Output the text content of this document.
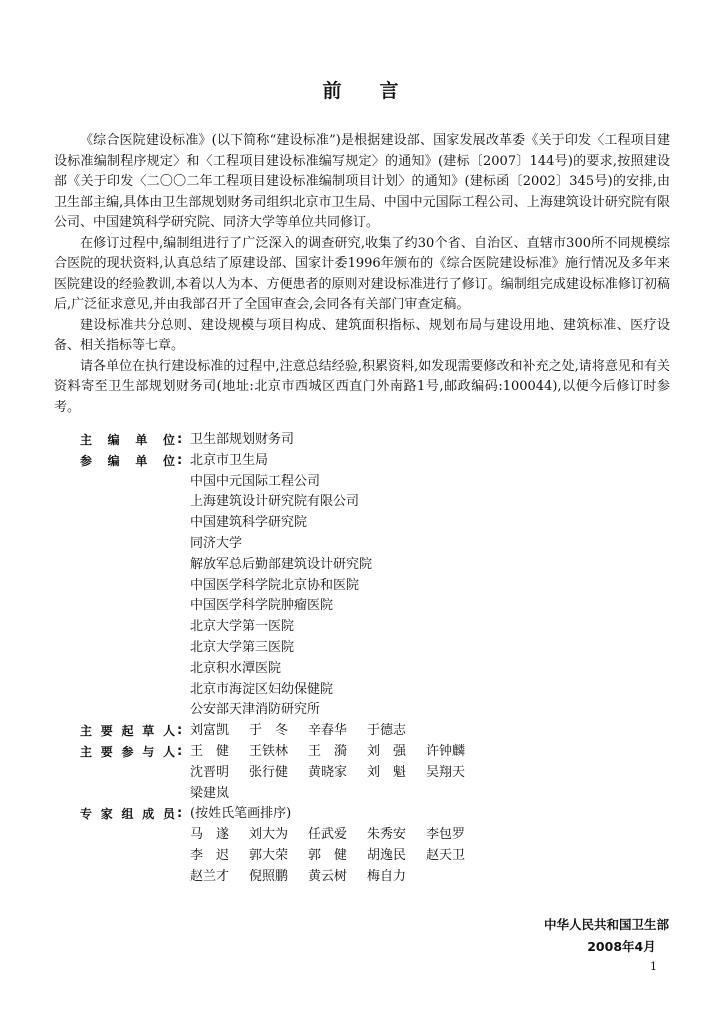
前言

《综合医院建设标准》(以下简称“建设标准”)是根据建设部、国家发展改革委《关于印发〈工程项目建设标准编制程序规定〉和〈工程项目建设标准编写规定〉的通知》(建标〔2007〕144号)的要求,按照建设部《关于印发〈二〇〇二年工程项目建设标准编制项目计划〉的通知》(建标函〔2002〕345号)的安排,由卫生部主编,具体由卫生部规划财务司组织北京市卫生局、中国中元国际工程公司、上海建筑设计研究院有限公司、中国建筑科学研究院、同济大学等单位共同修订。

在修订过程中,编制组进行了广泛深入的调查研究,收集了约30个省、自治区、直辖市300所不同规模综合医院的现状资料,认真总结了原建设部、国家计委1996年颁布的《综合医院建设标准》施行情况及多年来医院建设的经验教训,本着以人为本、方便患者的原则对建设标准进行了修订。编制组完成建设标准修订初稿后,广泛征求意见,并由我部召开了全国审查会,会同各有关部门审查定稿。

建设标准共分总则、建设规模与项目构成、建筑面积指标、规划布局与建设用地、建筑标准、医疗设备、相关指标等七章。

请各单位在执行建设标准的过程中,注意总结经验,积累资料,如发现需要修改和补充之处,请将意见和有关资料寄至卫生部规划财务司(地址:北京市西城区西直门外南路1号,邮政编码:100044),以便今后修订时参考。

主编单位 : 卫生部规划财务司
参编单位 : 北京市卫生局
中国中元国际工程公司
上海建筑设计研究院有限公司
中国建筑科学研究院
同济大学
解放军总后勤部建筑设计研究院
中国医学科学院北京协和医院
中国医学科学院肿瘤医院
北京大学第一医院
北京大学第三医院
北京积水潭医院
北京市海淀区妇幼保健院
公安部天津消防研究所
主要起草人 : 刘富凯	于　冬	辛春华	于德志
主要参与人 : 王　健	王铁林	王　漪	刘　强	许钟麟
沈晋明	张行健	黄晓家	刘　魁	吴翔天
梁建岚
专家组成员 : (按姓氏笔画排序)
马　遂	刘大为	任武爱	朱秀安	李包罗
李　迟	郭大荣	郭　健	胡逸民	赵天卫
赵兰才	倪照鹏	黄云树	梅自力
中华人民共和国卫生部
2008年4月
1
